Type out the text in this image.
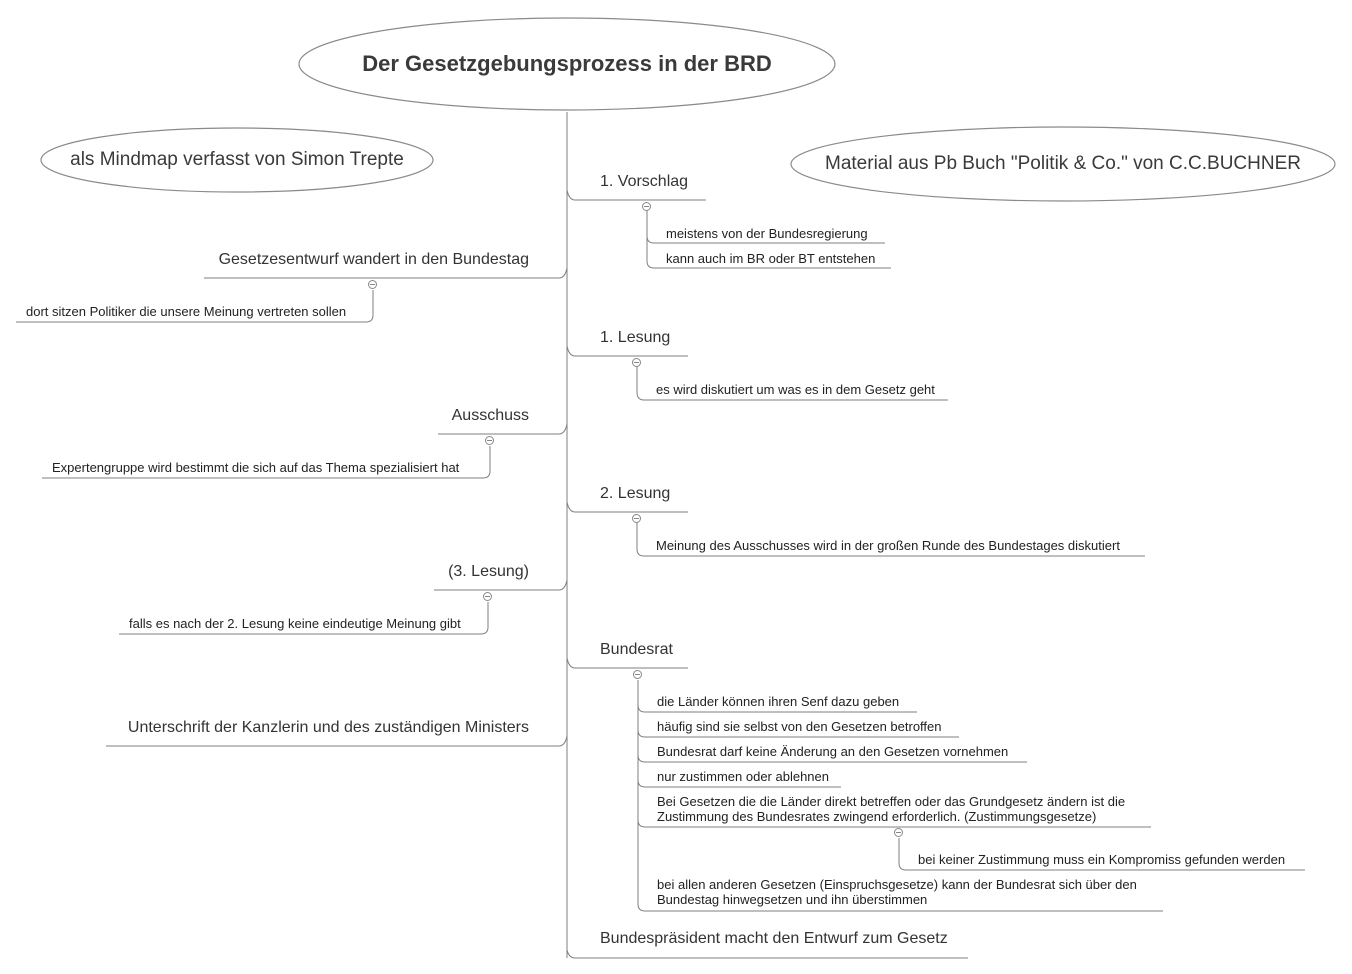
Der Gesetzgebungsprozess in der BRD
als Mindmap verfasst von Simon Trepte	Material aus Pb Buch "Politik & Co." von C.C.BUCHNER
1. Vorschlag
meistens von der Bundesregierung
kann auch im BR oder BT entstehen
1. Lesung
es wird diskutiert um was es in dem Gesetz geht
2. Lesung
Meinung des Ausschusses wird in der großen Runde des Bundestages diskutiert
Bundesrat
die Länder können ihren Senf dazu geben
häufig sind sie selbst von den Gesetzen betroffen
Bundesrat darf keine Änderung an den Gesetzen vornehmen
nur zustimmen oder ablehnen
Bei Gesetzen die die Länder direkt betreffen oder das Grundgesetz ändern ist die Zustimmung des Bundesrates zwingend erforderlich. (Zustimmungsgesetze)
bei keiner Zustimmung muss ein Kompromiss gefunden werden
bei allen anderen Gesetzen (Einspruchsgesetze) kann der Bundesrat sich über den Bundestag hinwegsetzen und ihn überstimmen
Bundespräsident macht den Entwurf zum Gesetz
Gesetzesentwurf wandert in den Bundestag
dort sitzen Politiker die unsere Meinung vertreten sollen
Ausschuss
Expertengruppe wird bestimmt die sich auf das Thema spezialisiert hat
(3. Lesung)
falls es nach der 2. Lesung keine eindeutige Meinung gibt
Unterschrift der Kanzlerin und des zuständigen Ministers
